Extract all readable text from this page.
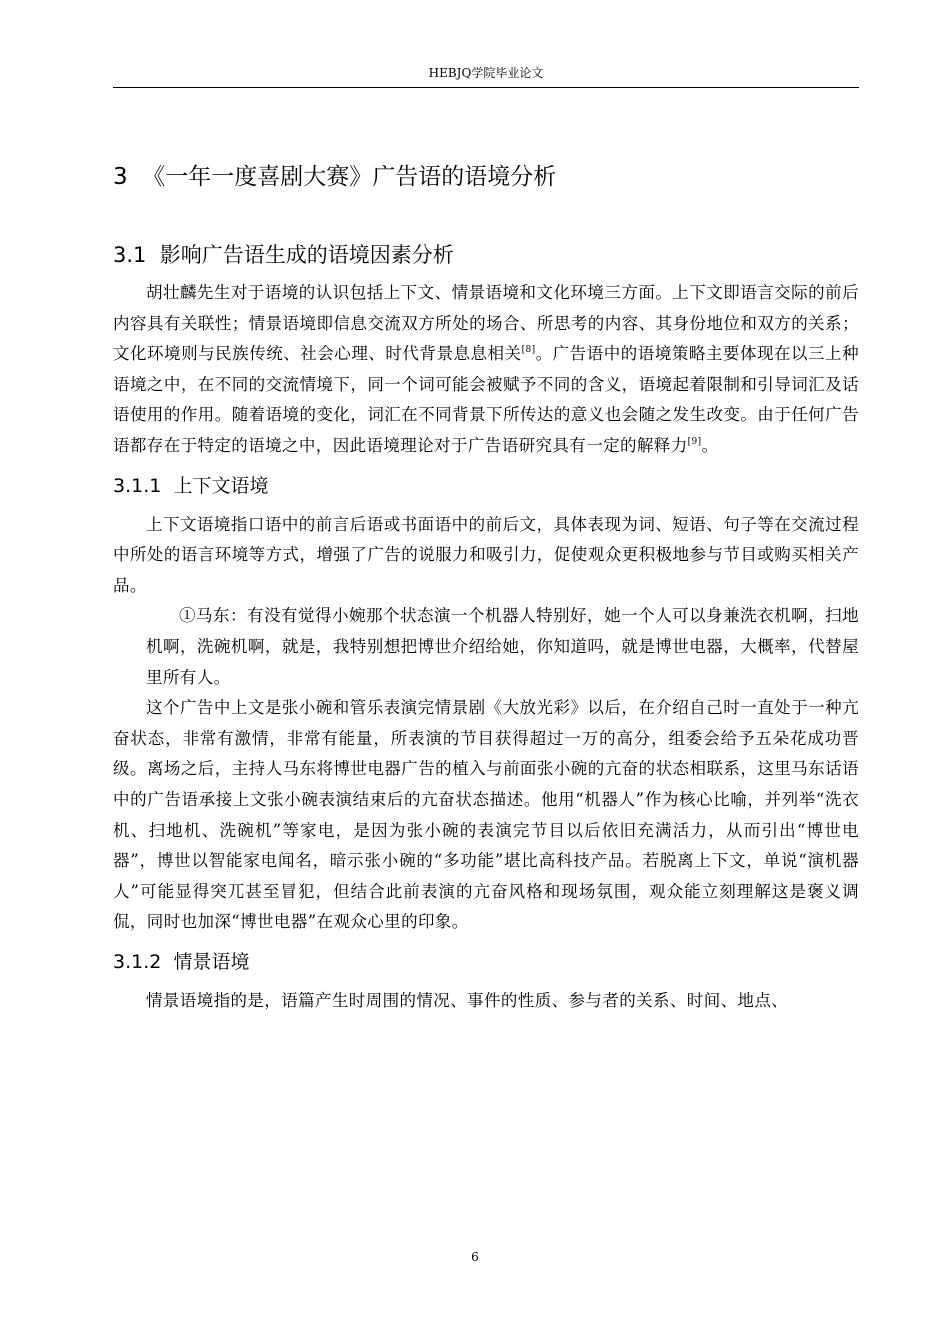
HEBJQ学院毕业论文
3 《一年一度喜剧大赛》广告语的语境分析
3.1 影响广告语生成的语境因素分析

胡壮麟先生对于语境的认识包括上下文、情景语境和文化环境三方面。上下文即语言交际的前后内容具有关联性；情景语境即信息交流双方所处的场合、所思考的内容、其身份地位和双方的关系；文化环境则与民族传统、社会心理、时代背景息息相关[8]。广告语中的语境策略主要体现在以三上种语境之中，在不同的交流情境下，同一个词可能会被赋予不同的含义，语境起着限制和引导词汇及话语使用的作用。随着语境的变化，词汇在不同背景下所传达的意义也会随之发生改变。由于任何广告语都存在于特定的语境之中，因此语境理论对于广告语研究具有一定的解释力[9]。

3.1.1 上下文语境

上下文语境指口语中的前言后语或书面语中的前后文，具体表现为词、短语、句子等在交流过程中所处的语言环境等方式，增强了广告的说服力和吸引力，促使观众更积极地参与节目或购买相关产品。

①马东：有没有觉得小婉那个状态演一个机器人特别好，她一个人可以身兼洗衣机啊，扫地机啊，洗碗机啊，就是，我特别想把博世介绍给她，你知道吗，就是博世电器，大概率，代替屋里所有人。

这个广告中上文是张小碗和管乐表演完情景剧《大放光彩》以后，在介绍自己时一直处于一种亢奋状态，非常有激情，非常有能量，所表演的节目获得超过一万的高分，组委会给予五朵花成功晋级。离场之后，主持人马东将博世电器广告的植入与前面张小碗的亢奋的状态相联系，这里马东话语中的广告语承接上文张小碗表演结束后的亢奋状态描述。他用“机器人”作为核心比喻，并列举“洗衣机、扫地机、洗碗机”等家电，是因为张小碗的表演完节目以后依旧充满活力，从而引出“博世电器”，博世以智能家电闻名，暗示张小碗的“多功能”堪比高科技产品。若脱离上下文，单说“演机器人”可能显得突兀甚至冒犯，但结合此前表演的亢奋风格和现场氛围，观众能立刻理解这是褒义调侃，同时也加深“博世电器”在观众心里的印象。

3.1.2 情景语境

情景语境指的是，语篇产生时周围的情况、事件的性质、参与者的关系、时间、地点、

6
